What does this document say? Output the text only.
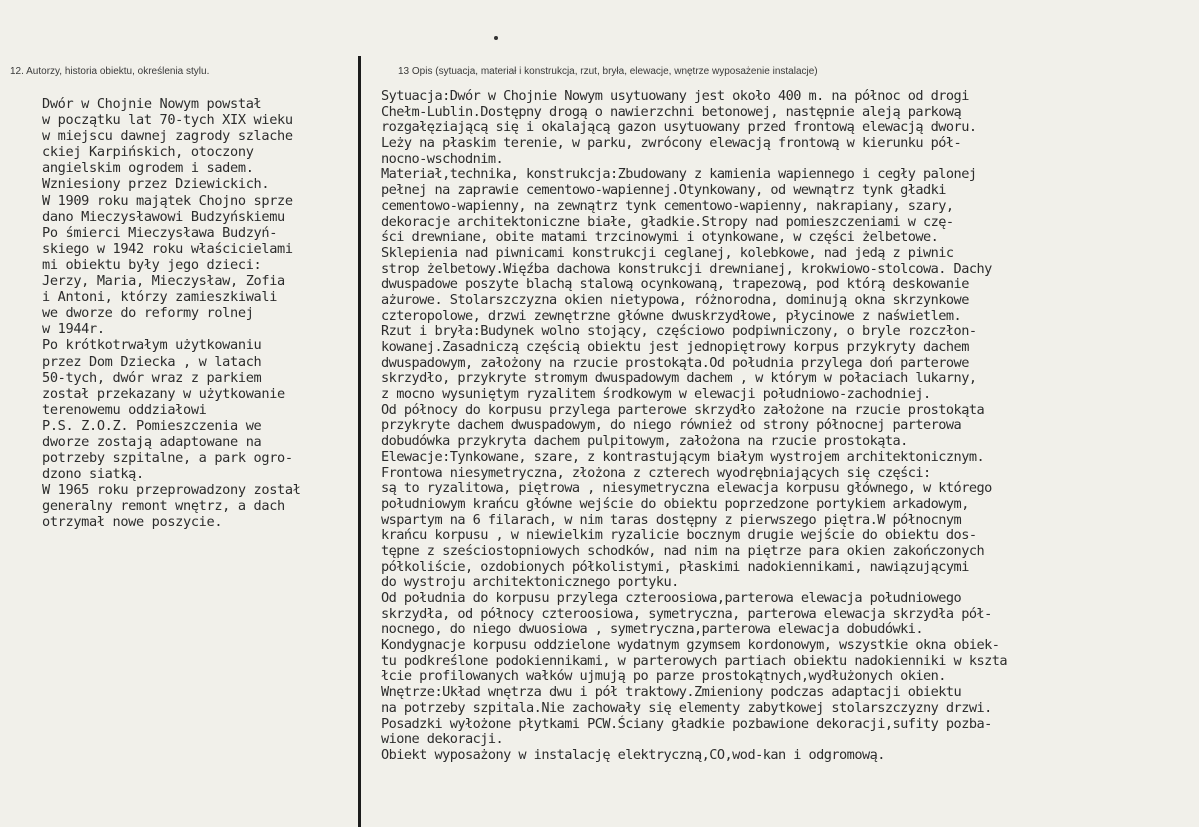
12. Autorzy, historia obiektu, określenia stylu.	13 Opis (sytuacja, materiał i konstrukcja, rzut, bryła, elewacje, wnętrze wyposażenie instalacje)
Dwór w Chojnie Nowym powstał
w początku lat 70-tych XIX wieku
w miejscu dawnej zagrody szlache
ckiej Karpińskich, otoczony
angielskim ogrodem i sadem.
Wzniesiony przez Dziewickich.
W 1909 roku majątek Chojno sprze
dano Mieczysławowi Budzyńskiemu
Po śmierci Mieczysława Budzyń-
skiego w 1942 roku właścicielami
mi obiektu były jego dzieci:
Jerzy, Maria, Mieczysław, Zofia
i Antoni, którzy zamieszkiwali
we dworze do reformy rolnej
w 1944r.
Po krótkotrwałym użytkowaniu
przez Dom Dziecka , w latach
50-tych, dwór wraz z parkiem
został przekazany w użytkowanie
terenowemu oddziałowi
P.S. Z.O.Z. Pomieszczenia we
dworze zostają adaptowane na
potrzeby szpitalne, a park ogro-
dzono siatką.
W 1965 roku przeprowadzony został
generalny remont wnętrz, a dach
otrzymał nowe poszycie.
Sytuacja:Dwór w Chojnie Nowym usytuowany jest około 400 m. na północ od drogi
Chełm-Lublin.Dostępny drogą o nawierzchni betonowej, następnie aleją parkową
rozgałęziającą się i okalającą gazon usytuowany przed frontową elewacją dworu.
Leży na płaskim terenie, w parku, zwrócony elewacją frontową w kierunku pół-
nocno-wschodnim.
Materiał,technika, konstrukcja:Zbudowany z kamienia wapiennego i cegły palonej
pełnej na zaprawie cementowo-wapiennej.Otynkowany, od wewnątrz tynk gładki
cementowo-wapienny, na zewnątrz tynk cementowo-wapienny, nakrapiany, szary,
dekoracje architektoniczne białe, gładkie.Stropy nad pomieszczeniami w czę-
ści drewniane, obite matami trzcinowymi i otynkowane, w części żelbetowe.
Sklepienia nad piwnicami konstrukcji ceglanej, kolebkowe, nad jedą z piwnic
strop żelbetowy.Więźba dachowa konstrukcji drewnianej, krokwiowo-stolcowa. Dachy
dwuspadowe poszyte blachą stalową ocynkowaną, trapezową, pod którą deskowanie
ażurowe. Stolarszczyzna okien nietypowa, różnorodna, dominują okna skrzynkowe
czteropolowe, drzwi zewnętrzne główne dwuskrzydłowe, płycinowe z naświetlem.
Rzut i bryła:Budynek wolno stojący, częściowo podpiwniczony, o bryle rozczłon-
kowanej.Zasadniczą częścią obiektu jest jednopiętrowy korpus przykryty dachem
dwuspadowym, założony na rzucie prostokąta.Od południa przylega doń parterowe
skrzydło, przykryte stromym dwuspadowym dachem , w którym w połaciach lukarny,
z mocno wysuniętym ryzalitem środkowym w elewacji południowo-zachodniej.
Od północy do korpusu przylega parterowe skrzydło założone na rzucie prostokąta
przykryte dachem dwuspadowym, do niego również od strony północnej parterowa
dobudówka przykryta dachem pulpitowym, założona na rzucie prostokąta.
Elewacje:Tynkowane, szare, z kontrastującym białym wystrojem architektonicznym.
Frontowa niesymetryczna, złożona z czterech wyodrębniających się części:
są to ryzalitowa, piętrowa , niesymetryczna elewacja korpusu głównego, w którego
południowym krańcu główne wejście do obiektu poprzedzone portykiem arkadowym,
wspartym na 6 filarach, w nim taras dostępny z pierwszego piętra.W północnym
krańcu korpusu , w niewielkim ryzalicie bocznym drugie wejście do obiektu dos-
tępne z sześciostopniowych schodków, nad nim na piętrze para okien zakończonych
półkoliście, ozdobionych półkolistymi, płaskimi nadokiennikami, nawiązującymi
do wystroju architektonicznego portyku.
Od południa do korpusu przylega czteroosiowa,parterowa elewacja południowego
skrzydła, od północy czteroosiowa, symetryczna, parterowa elewacja skrzydła pół-
nocnego, do niego dwuosiowa , symetryczna,parterowa elewacja dobudówki.
Kondygnacje korpusu oddzielone wydatnym gzymsem kordonowym, wszystkie okna obiek-
tu podkreślone podokiennikami, w parterowych partiach obiektu nadokienniki w kszta
łcie profilowanych wałków ujmują po parze prostokątnych,wydłużonych okien.
Wnętrze:Układ wnętrza dwu i pół traktowy.Zmieniony podczas adaptacji obiektu
na potrzeby szpitala.Nie zachowały się elementy zabytkowej stolarszczyzny drzwi.
Posadzki wyłożone płytkami PCW.Ściany gładkie pozbawione dekoracji,sufity pozba-
wione dekoracji.
Obiekt wyposażony w instalację elektryczną,CO,wod-kan i odgromową.
